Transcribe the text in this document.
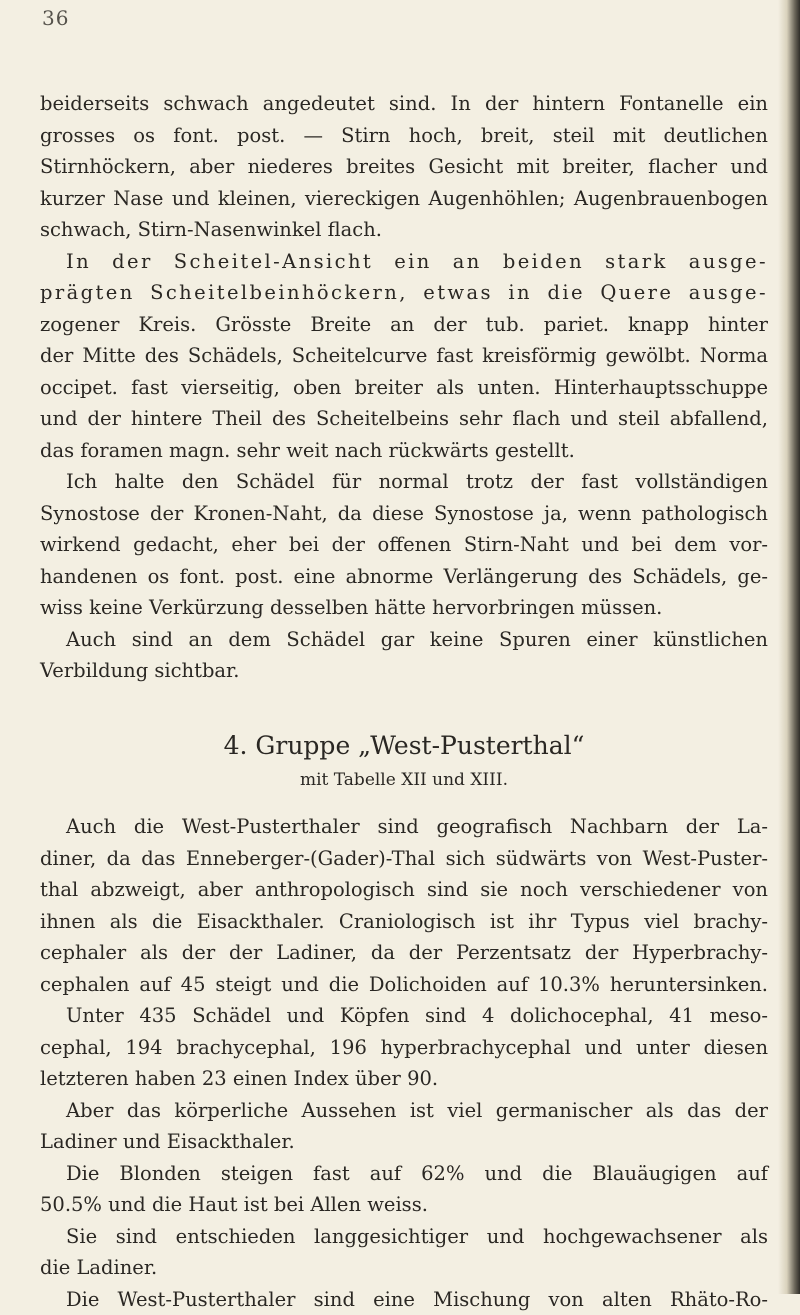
36
beiderseits schwach angedeutet sind. In der hintern Fontanelle ein
grosses os font. post. — Stirn hoch, breit, steil mit deutlichen
Stirnhöckern, aber niederes breites Gesicht mit breiter, flacher und
kurzer Nase und kleinen, viereckigen Augenhöhlen; Augenbrauenbogen
schwach, Stirn-Nasenwinkel flach.
In der Scheitel-Ansicht ein an beiden stark ausge-
prägten Scheitelbeinhöckern, etwas in die Quere ausge-
zogener Kreis. Grösste Breite an der tub. pariet. knapp hinter
der Mitte des Schädels, Scheitelcurve fast kreisförmig gewölbt. Norma
occipet. fast vierseitig, oben breiter als unten. Hinterhauptsschuppe
und der hintere Theil des Scheitelbeins sehr flach und steil abfallend,
das foramen magn. sehr weit nach rückwärts gestellt.
Ich halte den Schädel für normal trotz der fast vollständigen
Synostose der Kronen-Naht, da diese Synostose ja, wenn pathologisch
wirkend gedacht, eher bei der offenen Stirn-Naht und bei dem vor-
handenen os font. post. eine abnorme Verlängerung des Schädels, ge-
wiss keine Verkürzung desselben hätte hervorbringen müssen.
Auch sind an dem Schädel gar keine Spuren einer künstlichen
Verbildung sichtbar.
4. Gruppe „West-Pusterthal“
mit Tabelle XII und XIII.
Auch die West-Pusterthaler sind geografisch Nachbarn der La-
diner, da das Enneberger-(Gader)-Thal sich südwärts von West-Puster-
thal abzweigt, aber anthropologisch sind sie noch verschiedener von
ihnen als die Eisackthaler. Craniologisch ist ihr Typus viel brachy-
cephaler als der der Ladiner, da der Perzentsatz der Hyperbrachy-
cephalen auf 45 steigt und die Dolichoiden auf 10.3% heruntersinken.
Unter 435 Schädel und Köpfen sind 4 dolichocephal, 41 meso-
cephal, 194 brachycephal, 196 hyperbrachycephal und unter diesen
letzteren haben 23 einen Index über 90.
Aber das körperliche Aussehen ist viel germanischer als das der
Ladiner und Eisackthaler.
Die Blonden steigen fast auf 62% und die Blauäugigen auf
50.5% und die Haut ist bei Allen weiss.
Sie sind entschieden langgesichtiger und hochgewachsener als
die Ladiner.
Die West-Pusterthaler sind eine Mischung von alten Rhäto-Ro-
